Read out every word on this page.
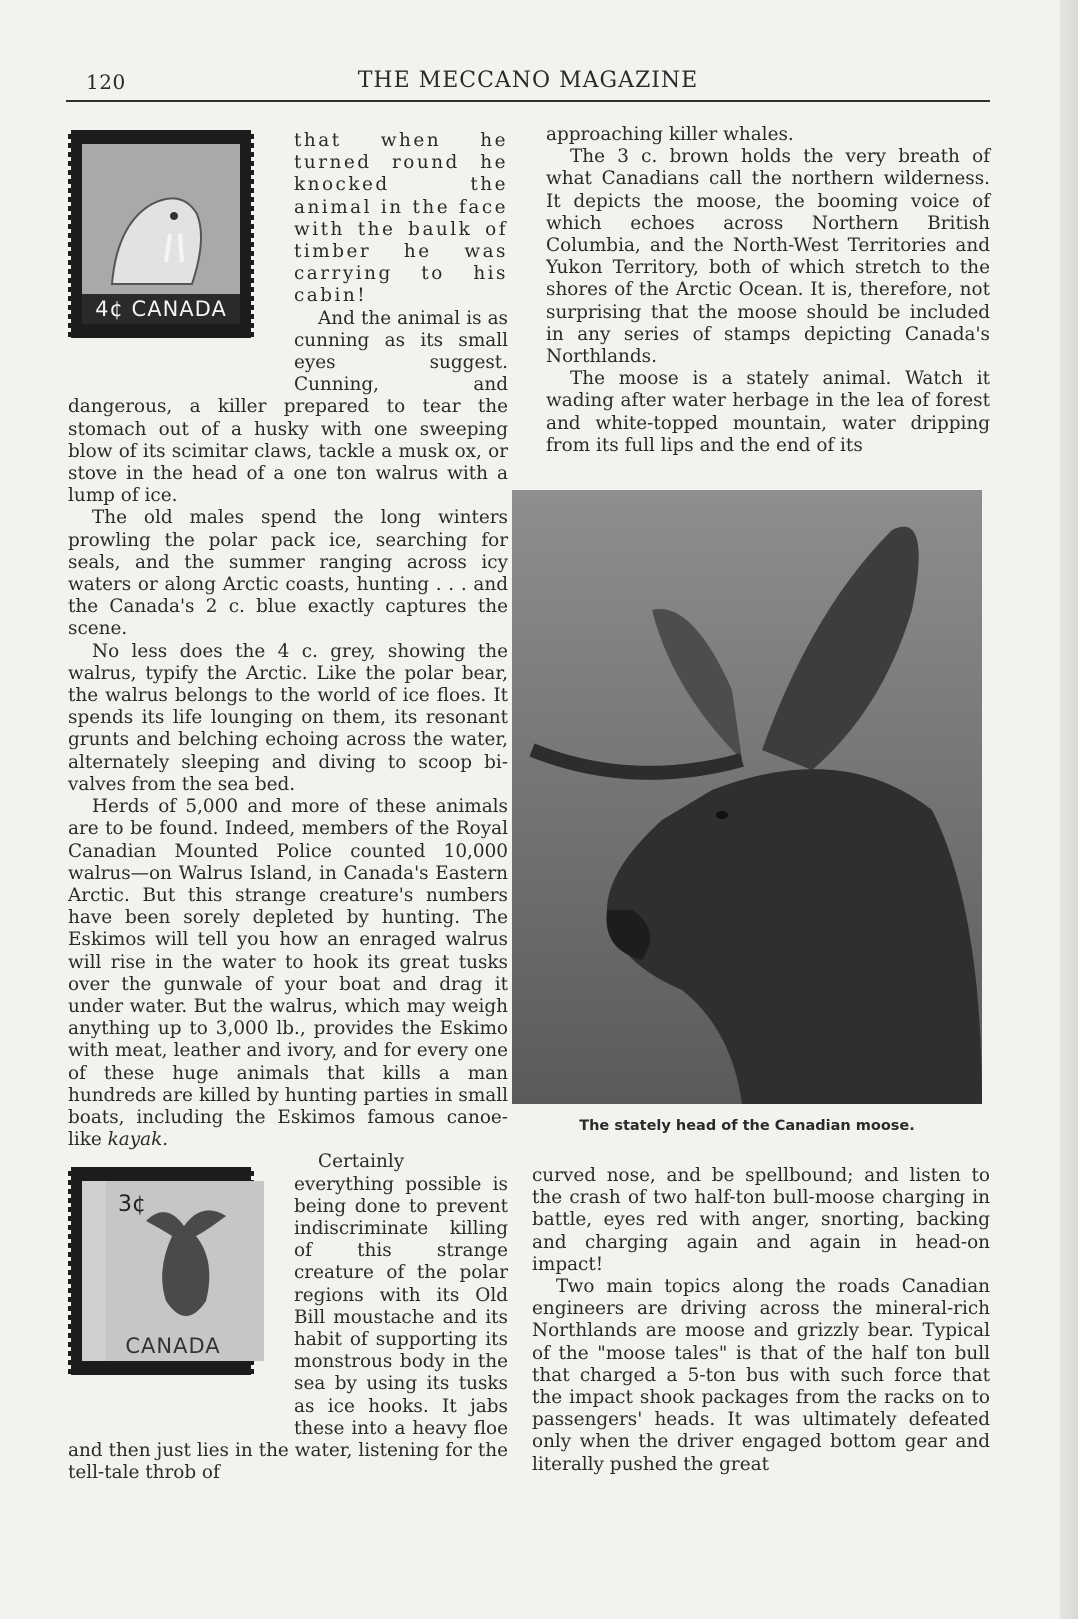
120	THE MECCANO MAGAZINE
4¢ CANADA

that when he turned round he knocked the animal in the face with the baulk of timber he was carrying to his cabin!

And the animal is as cunning as its small eyes suggest. Cunning, and dangerous, a killer prepared to tear the stomach out of a husky with one sweeping blow of its scimitar claws, tackle a musk ox, or stove in the head of a one ton walrus with a lump of ice.

The old males spend the long winters prowling the polar pack ice, searching for seals, and the summer ranging across icy waters or along Arctic coasts, hunting . . . and the Canada's 2 c. blue exactly captures the scene.

No less does the 4 c. grey, showing the walrus, typify the Arctic. Like the polar bear, the walrus belongs to the world of ice floes. It spends its life lounging on them, its resonant grunts and belching echoing across the water, alternately sleeping and diving to scoop bi-valves from the sea bed.

Herds of 5,000 and more of these animals are to be found. Indeed, members of the Royal Canadian Mounted Police counted 10,000 walrus—on Walrus Island, in Canada's Eastern Arctic. But this strange creature's numbers have been sorely depleted by hunting. The Eskimos will tell you how an enraged walrus will rise in the water to hook its great tusks over the gunwale of your boat and drag it under water. But the walrus, which may weigh anything up to 3,000 lb., provides the Eskimo with meat, leather and ivory, and for every one of these huge animals that kills a man hundreds are killed by hunting parties in small boats, including the Eskimos famous canoe-like kayak.

3¢
CANADA
Certainly everything possible is being done to prevent indiscriminate killing of this strange creature of the polar regions with its Old Bill moustache and its habit of supporting its monstrous body in the sea by using its tusks as ice hooks. It jabs these into a heavy floe and then just lies in the water, listening for the tell-tale throb of

approaching killer whales.

The 3 c. brown holds the very breath of what Canadians call the northern wilderness. It depicts the moose, the booming voice of which echoes across Northern British Columbia, and the North-West Territories and Yukon Territory, both of which stretch to the shores of the Arctic Ocean. It is, therefore, not surprising that the moose should be included in any series of stamps depicting Canada's Northlands.

The moose is a stately animal. Watch it wading after water herbage in the lea of forest and white-topped mountain, water dripping from its full lips and the end of its

The stately head of the Canadian moose.

curved nose, and be spellbound; and listen to the crash of two half-ton bull-moose charging in battle, eyes red with anger, snorting, backing and charging again and again in head-on impact!

Two main topics along the roads Canadian engineers are driving across the mineral-rich Northlands are moose and grizzly bear. Typical of the "moose tales" is that of the half ton bull that charged a 5-ton bus with such force that the impact shook packages from the racks on to passengers' heads. It was ultimately defeated only when the driver engaged bottom gear and literally pushed the great
